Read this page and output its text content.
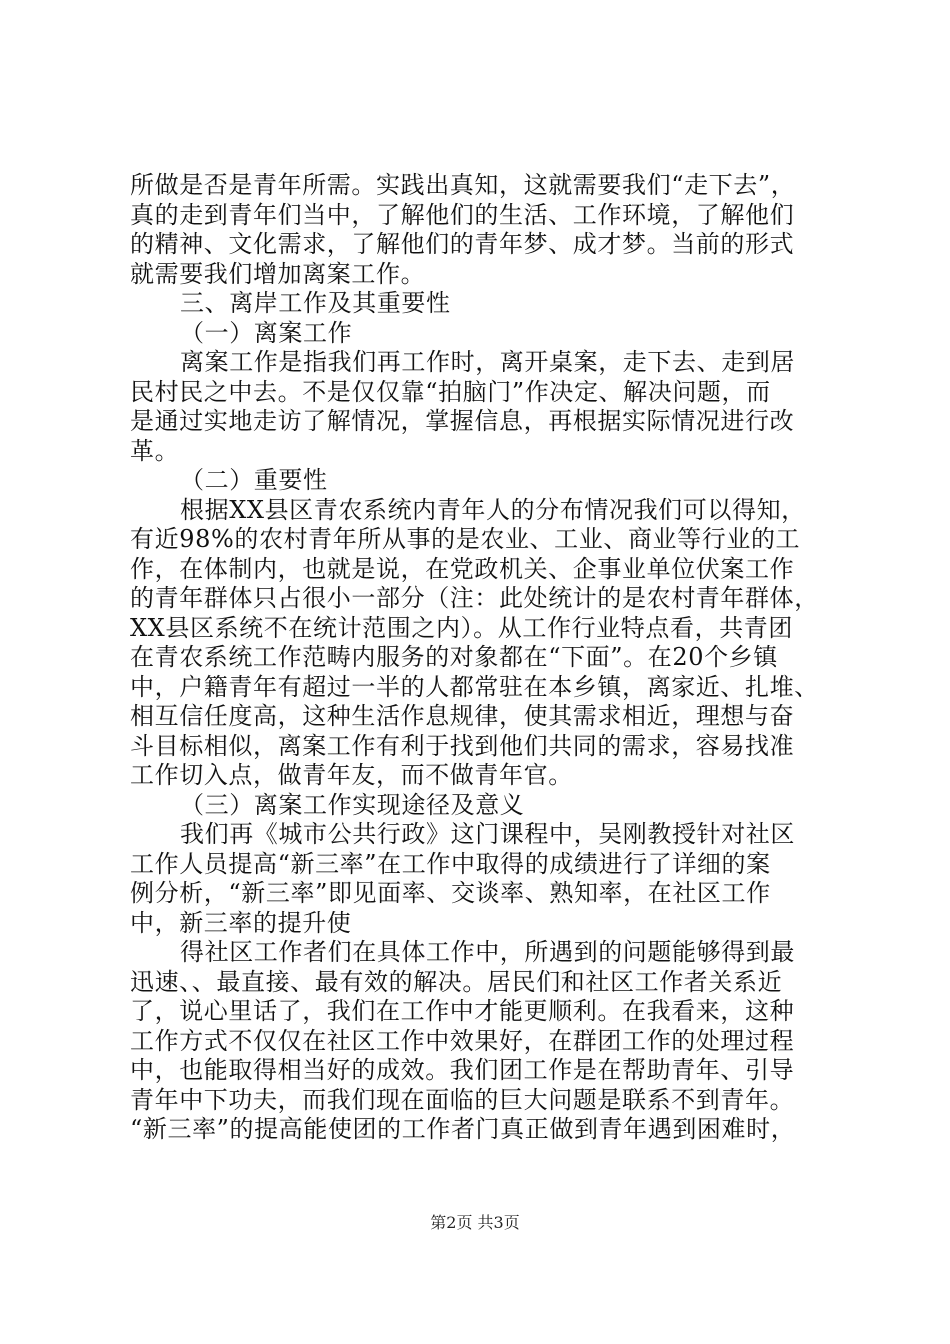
所做是否是青年所需。实践出真知，这就需要我们“走下去”，
真的走到青年们当中，了解他们的生活、工作环境，了解他们
的精神、文化需求，了解他们的青年梦、成才梦。当前的形式
就需要我们增加离案工作。
三、离岸工作及其重要性
（一）离案工作
离案工作是指我们再工作时，离开桌案，走下去、走到居
民村民之中去。不是仅仅靠“拍脑门”作决定、解决问题，而
是通过实地走访了解情况，掌握信息，再根据实际情况进行改
革。
（二）重要性
根据XX县区青农系统内青年人的分布情况我们可以得知，
有近98%的农村青年所从事的是农业、工业、商业等行业的工
作，在体制内，也就是说，在党政机关、企事业单位伏案工作
的青年群体只占很小一部分（注：此处统计的是农村青年群体，
XX县区系统不在统计范围之内）。从工作行业特点看，共青团
在青农系统工作范畴内服务的对象都在“下面”。在20个乡镇
中，户籍青年有超过一半的人都常驻在本乡镇，离家近、扎堆、
相互信任度高，这种生活作息规律，使其需求相近，理想与奋
斗目标相似，离案工作有利于找到他们共同的需求，容易找准
工作切入点，做青年友，而不做青年官。
（三）离案工作实现途径及意义
我们再《城市公共行政》这门课程中，吴刚教授针对社区
工作人员提高“新三率”在工作中取得的成绩进行了详细的案
例分析，“新三率”即见面率、交谈率、熟知率，在社区工作
中，新三率的提升使
得社区工作者们在具体工作中，所遇到的问题能够得到最
迅速、、最直接、最有效的解决。居民们和社区工作者关系近
了，说心里话了，我们在工作中才能更顺利。在我看来，这种
工作方式不仅仅在社区工作中效果好，在群团工作的处理过程
中，也能取得相当好的成效。我们团工作是在帮助青年、引导
青年中下功夫，而我们现在面临的巨大问题是联系不到青年。
“新三率”的提高能使团的工作者门真正做到青年遇到困难时，
第2页 共3页
